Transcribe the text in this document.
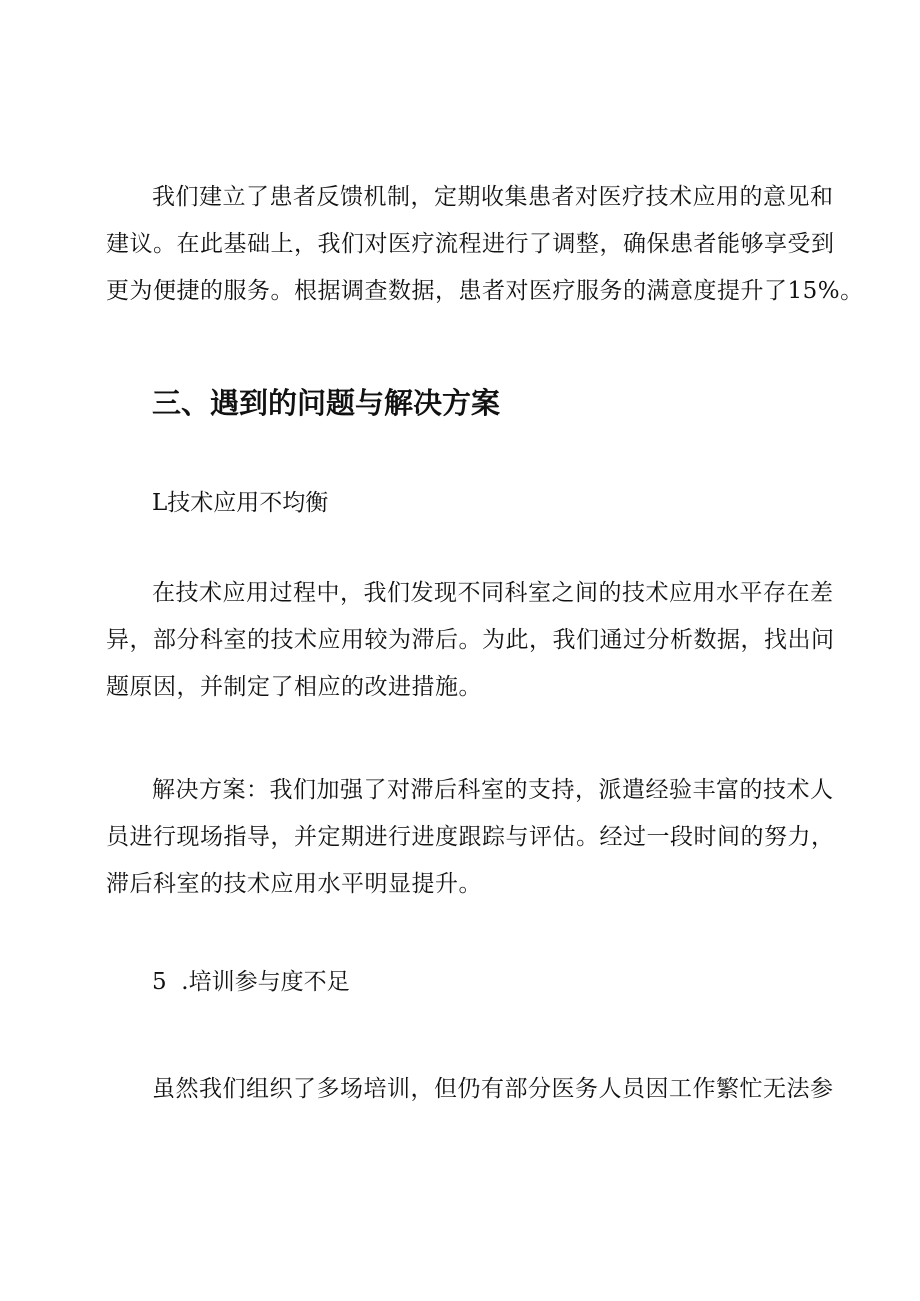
我们建立了患者反馈机制，定期收集患者对医疗技术应用的意见和
建议。在此基础上，我们对医疗流程进行了调整，确保患者能够享受到
更为便捷的服务。根据调查数据，患者对医疗服务的满意度提升了15%。
三、遇到的问题与解决方案

L技术应用不均衡

在技术应用过程中，我们发现不同科室之间的技术应用水平存在差
异，部分科室的技术应用较为滞后。为此，我们通过分析数据，找出问
题原因，并制定了相应的改进措施。
解决方案：我们加强了对滞后科室的支持，派遣经验丰富的技术人
员进行现场指导，并定期进行进度跟踪与评估。经过一段时间的努力，
滞后科室的技术应用水平明显提升。

5  .培训参与度不足

虽然我们组织了多场培训，但仍有部分医务人员因工作繁忙无法参
